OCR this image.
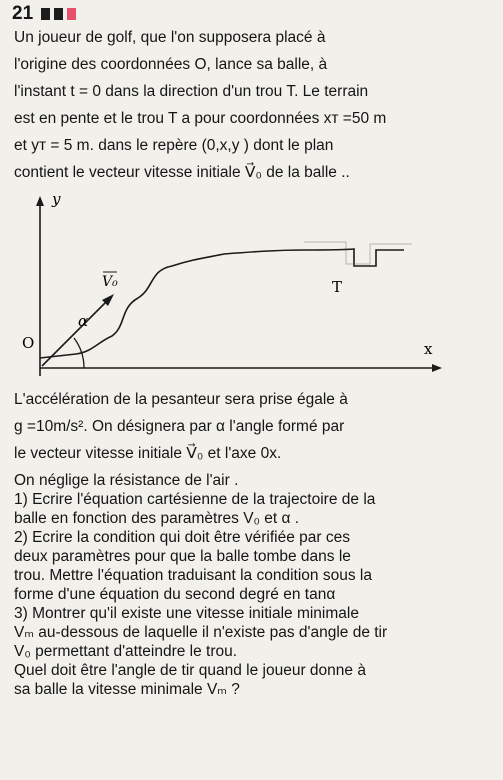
21
Un joueur de golf, que l'on supposera placé à
l'origine des coordonnées O, lance sa balle, à
l'instant t = 0 dans la direction d'un trou T. Le terrain
est en pente et le trou T a pour coordonnées xᴛ =50 m
et yᴛ = 5 m. dans le repère (0,x,y ) dont le plan
contient le vecteur vitesse initiale V⃗₀ de la balle ..
y
O	x
T
α
V₀
L'accélération de la pesanteur sera prise égale à
g =10m/s². On désignera par α l'angle formé par
le vecteur vitesse initiale V⃗₀ et l'axe 0x.
On néglige la résistance de l'air .
1) Ecrire l'équation cartésienne de la trajectoire de la
balle en fonction des paramètres V₀ et α .
2) Ecrire la condition qui doit être vérifiée par ces
deux paramètres pour que la balle tombe dans le
trou. Mettre l'équation traduisant la condition sous la
forme d'une équation du second degré en tanα
3) Montrer qu'il existe une vitesse initiale minimale
Vₘ au-dessous de laquelle il n'existe pas d'angle de tir
V₀ permettant d'atteindre le trou.
Quel doit être l'angle de tir quand le joueur donne à
sa balle la vitesse minimale Vₘ ?
